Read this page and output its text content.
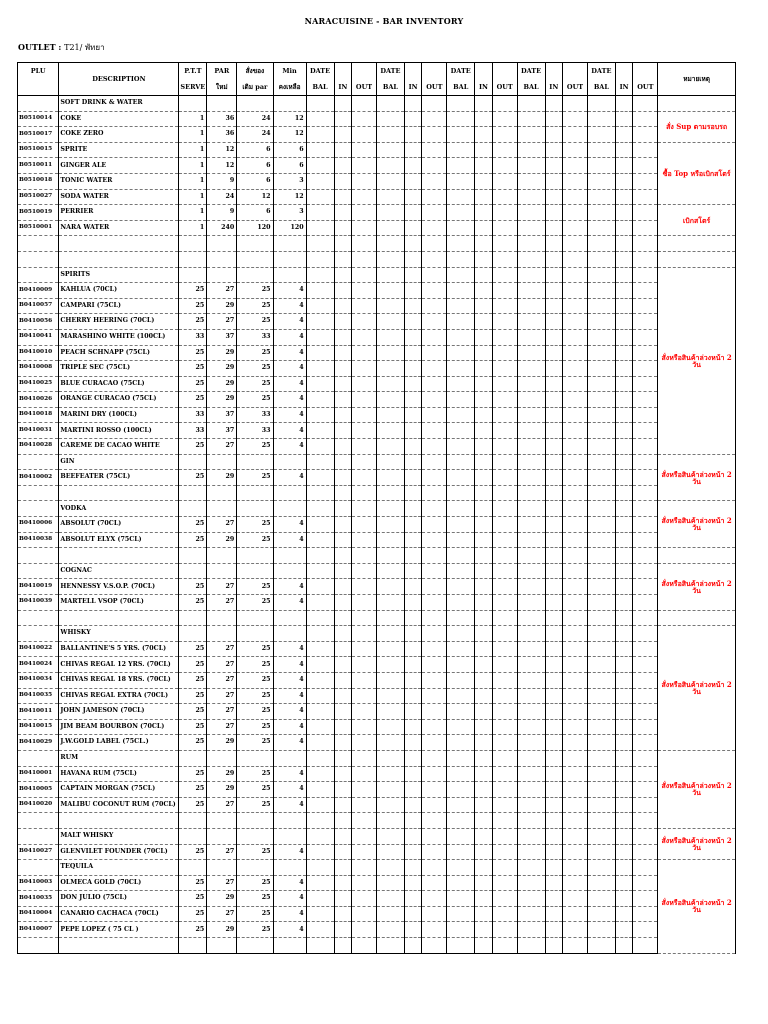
NARACUISINE - BAR INVENTORY
OUTLET : T21/ พัทยา
PLU		P.T.T	PAR	สั่งของ	Min	DATE			DATE			DATE			DATE			DATE			
	DESCRIPTION	SERVE	ใหม่	เติม par	คงเหลือ	BAL	IN	OUT	BAL	IN	OUT	BAL	IN	OUT	BAL	IN	OUT	BAL	IN	OUT	หมายเหตุ
	SOFT DRINK & WATER																				
B0510014	COKE	1	36	24	12																สั่ง Sup ตามรอบรถ
B0510017	COKE ZERO	1	36	24	12																
B0510015	SPRITE	1	12	6	6																ซื้อ Top หรือเบิกสโตร์
B0510011	GINGER ALE	1	12	6	6																
B0510018	TONIC WATER	1	9	6	3																
B0510027	SODA WATER	1	24	12	12																
B0510019	PERRIER	1	9	6	3																เบิกสโตร์
B0510001	NARA WATER	1	240	120	120																

	SPIRITS																				สั่งหรือสินค้าล่วงหน้า 2 วัน
B0410009	KAHLUA (70CL)	25	27	25	4																
B0410057	CAMPARI (75CL)	25	29	25	4																
B0410056	CHERRY HEERING (70CL)	25	27	25	4																
B0410041	MARASHINO WHITE (100CL)	33	37	33	4																
B0410010	PEACH SCHNAPP (75CL)	25	29	25	4																
B0410008	TRIPLE SEC (75CL)	25	29	25	4																
B0410025	BLUE CURACAO (75CL)	25	29	25	4																
B0410026	ORANGE CURACAO (75CL)	25	29	25	4																
B0410018	MARINI DRY (100CL)	33	37	33	4																
B0410031	MARTINI ROSSO (100CL)	33	37	33	4																
B0410028	CAREME DE CACAO WHITE	25	27	25	4																
	GIN																				สั่งหรือสินค้าล่วงหน้า 2 วัน
B0410002	BEEFEATER (75CL)	25	29	25	4																

	VODKA																				สั่งหรือสินค้าล่วงหน้า 2 วัน
B0410006	ABSOLUT (70CL)	25	27	25	4																
B0410038	ABSOLUT ELYX (75CL)	25	29	25	4																

	COGNAC																				สั่งหรือสินค้าล่วงหน้า 2 วัน
B0410019	HENNESSY V.S.O.P. (70CL)	25	27	25	4																
B0410039	MARTELL VSOP (70CL)	25	27	25	4																

	WHISKY																				สั่งหรือสินค้าล่วงหน้า 2 วัน
B0410022	BALLANTINE'S 5 YRS. (70CL)	25	27	25	4																
B0410024	CHIVAS REGAL 12 YRS. (70CL)	25	27	25	4																
B0410034	CHIVAS REGAL 18 YRS. (70CL)	25	27	25	4																
B0410035	CHIVAS REGAL EXTRA (70CL)	25	27	25	4																
B0410011	JOHN JAMESON (70CL)	25	27	25	4																
B0410015	JIM BEAM BOURBON (70CL)	25	27	25	4																
B0410029	J.W.GOLD LABEL (75CL.)	25	29	25	4																
	RUM																				สั่งหรือสินค้าล่วงหน้า 2 วัน
B0410001	HAVANA RUM (75CL)	25	29	25	4																
B0410005	CAPTAIN MORGAN (75CL)	25	29	25	4																
B0410020	MALIBU COCONUT RUM (70CL)	25	27	25	4																

	MALT WHISKY																				สั่งหรือสินค้าล่วงหน้า 2 วัน
B0410027	GLENVILET FOUNDER (70CL)	25	27	25	4																
	TEQUILA																				สั่งหรือสินค้าล่วงหน้า 2 วัน
B0410003	OLMECA GOLD (70CL)	25	27	25	4																
B0410035	DON JULIO (75CL)	25	29	25	4																
B0410004	CANARIO CACHACA (70CL)	25	27	25	4																
B0410007	PEPE LOPEZ ( 75 CL )	25	29	25	4																
